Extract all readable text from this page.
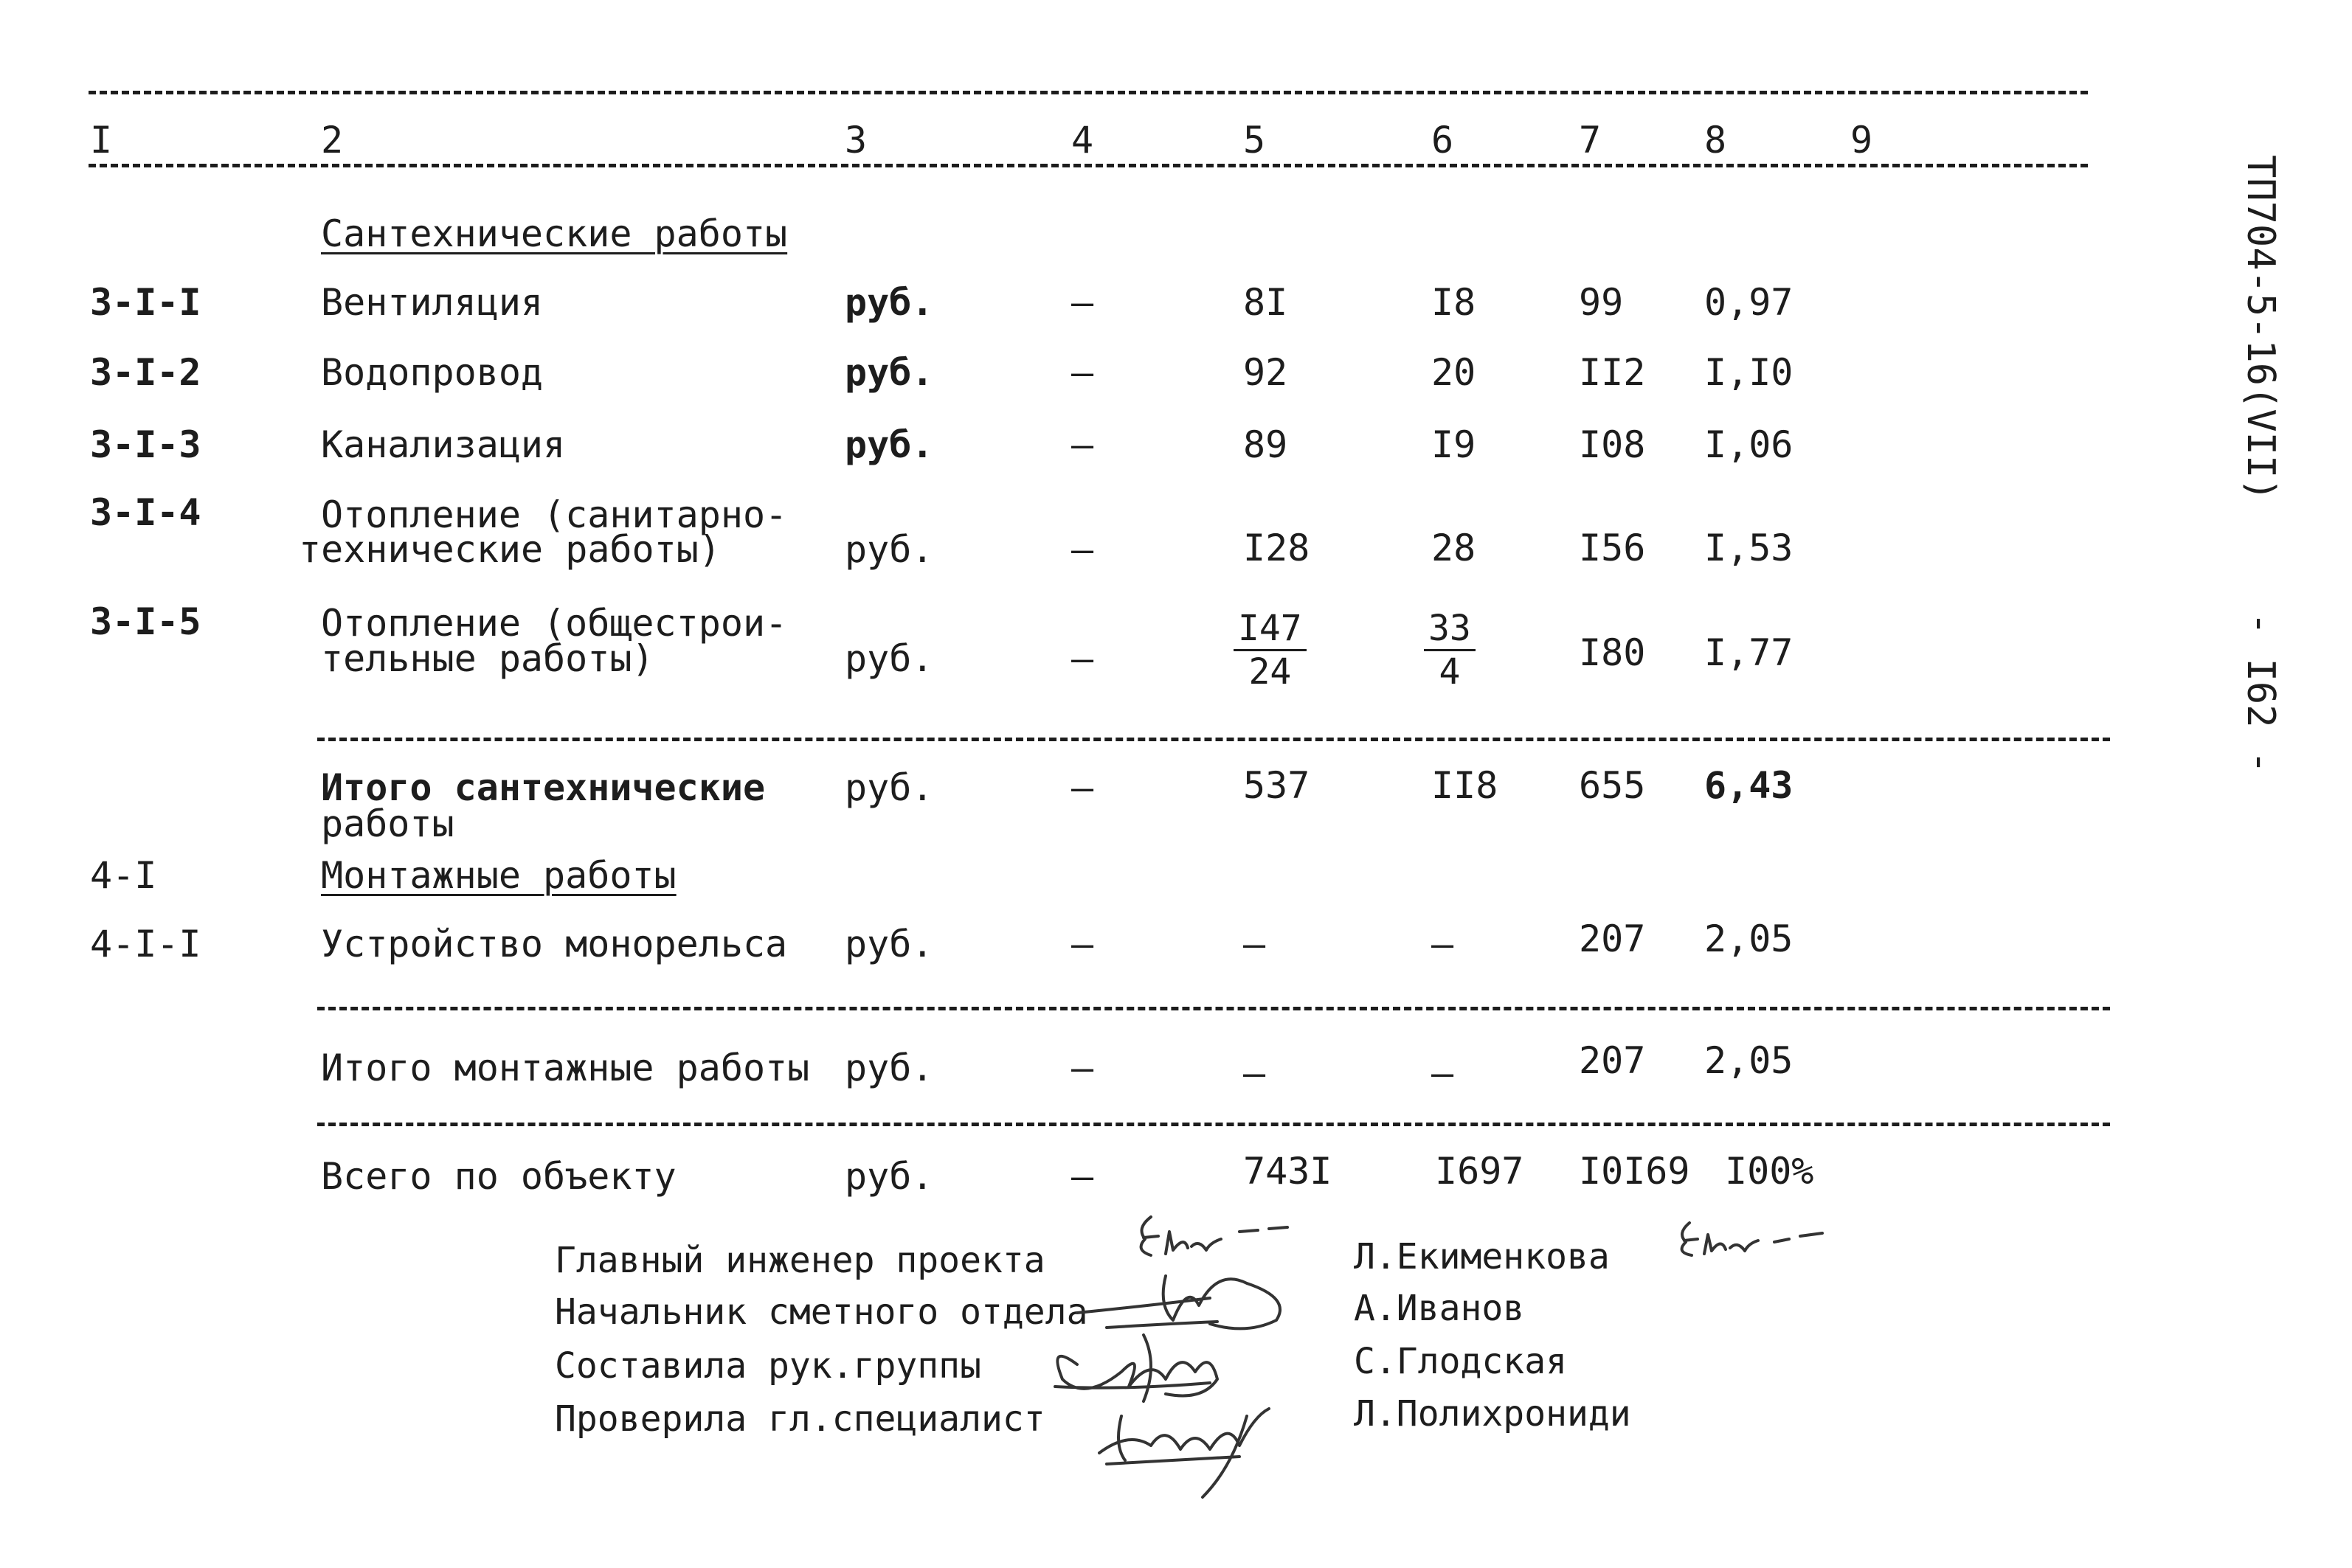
I	2	3	4	5	6	7	8	9
Сантехнические работы
3-I-I	Вентиляция	руб.	–	8I	I8	99 0,97
3-I-2	Водопровод	руб.	–	92	20	II2 I,I0
3-I-3	Канализация	руб.	–	89	I9	I08 I,06
3-I-4	Отопление (санитарно-
технические работы)	руб.	–	I28	28	I56 I,53
3-I-5	Отопление (общестрои-
тельные работы)	руб.	–	$\frac{I47}{24}$	$\frac{33}{4}$	I80 I,77
Итого сантехнические
работы
руб.	–	537	II8 655 6,43
4-I	Монтажные работы
4-I-I	Устройство монорельса руб.	–	–	–	207 2,05
Итого монтажные работы руб.	–	–	–	207 2,05
Всего по объекту	руб.	–	743I	I697 I0I69 I00%
Главный инженер проекта	Л.Екименкова
Начальник сметного отдела	А.Иванов
Составила рук.группы	С.Глодская
Проверила гл.специалист	Л.Полихрониди
ТП704-5-16(VII)
- I62 -
